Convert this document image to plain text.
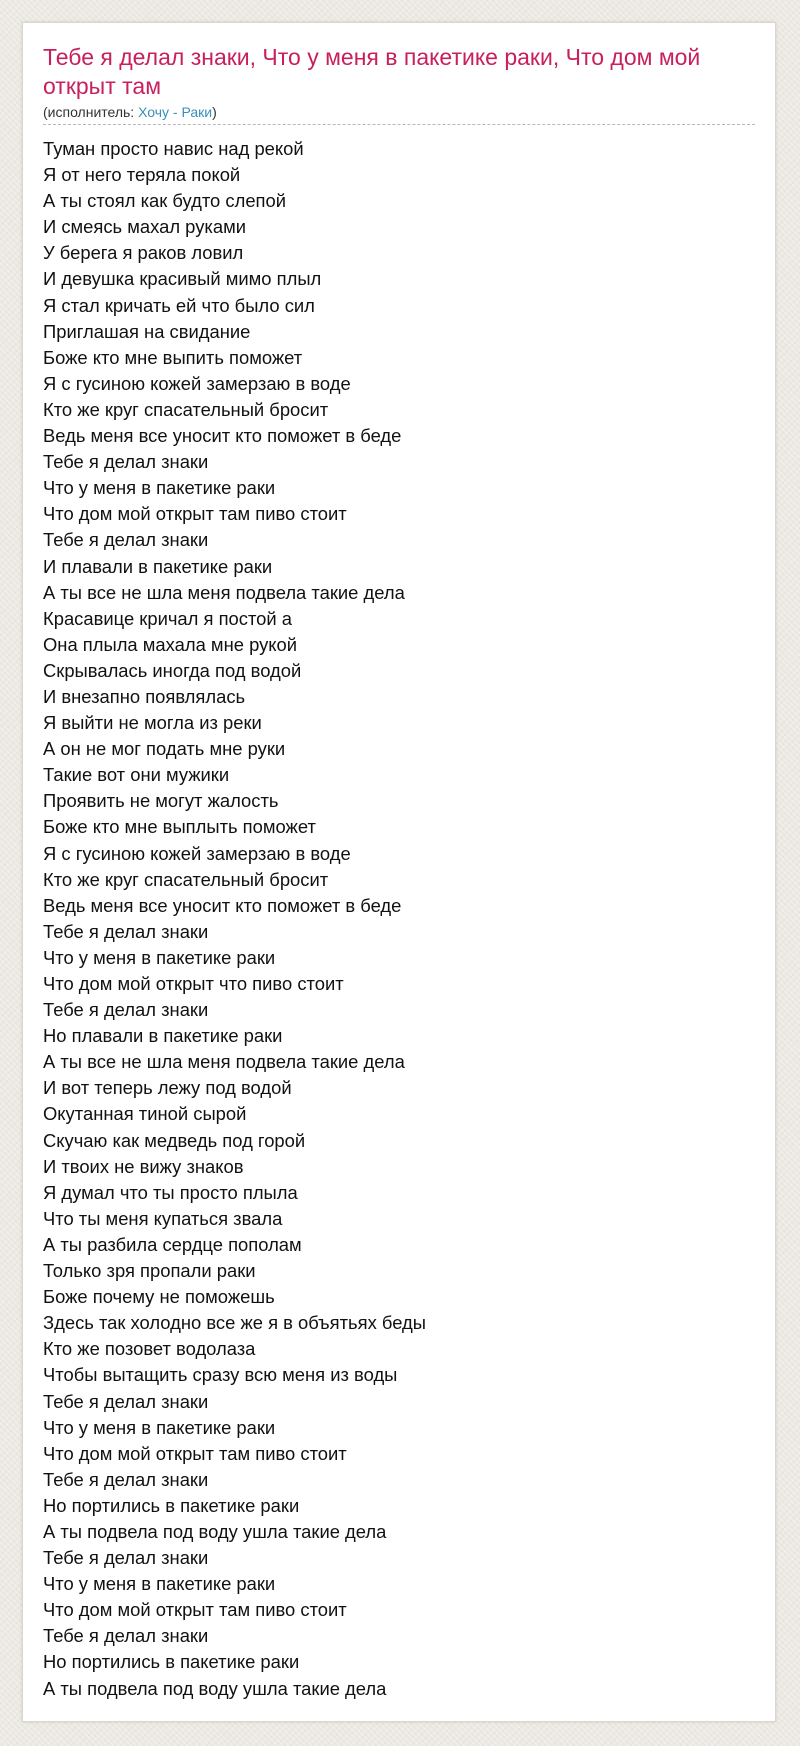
Тебе я делал знаки, Что у меня в пакетике раки, Что дом мой открыт там
(исполнитель: Хочу - Раки)
Туман просто навис над рекой
Я от него теряла покой
А ты стоял как будто слепой
И смеясь махал руками
У берега я раков ловил
И девушка красивый мимо плыл
Я стал кричать ей что было сил
Приглашая на свидание
Боже кто мне выпить поможет
Я с гусиною кожей замерзаю в воде
Кто же круг спасательный бросит
Ведь меня все уносит кто поможет в беде
Тебе я делал знаки
Что у меня в пакетике раки
Что дом мой открыт там пиво стоит
Тебе я делал знаки
И плавали в пакетике раки
А ты все не шла меня подвела такие дела
Красавице кричал я постой а
Она плыла махала мне рукой
Скрывалась иногда под водой
И внезапно появлялась
Я выйти не могла из реки
А он не мог подать мне руки
Такие вот они мужики
Проявить не могут жалость
Боже кто мне выплыть поможет
Я с гусиною кожей замерзаю в воде
Кто же круг спасательный бросит
Ведь меня все уносит кто поможет в беде
Тебе я делал знаки
Что у меня в пакетике раки
Что дом мой открыт что пиво стоит
Тебе я делал знаки
Но плавали в пакетике раки
А ты все не шла меня подвела такие дела
И вот теперь лежу под водой
Окутанная тиной сырой
Скучаю как медведь под горой
И твоих не вижу знаков
Я думал что ты просто плыла
Что ты меня купаться звала
А ты разбила сердце пополам
Только зря пропали раки
Боже почему не поможешь
Здесь так холодно все же я в объятьях беды
Кто же позовет водолаза
Чтобы вытащить сразу всю меня из воды
Тебе я делал знаки
Что у меня в пакетике раки
Что дом мой открыт там пиво стоит
Тебе я делал знаки
Но портились в пакетике раки
А ты подвела под воду ушла такие дела
Тебе я делал знаки
Что у меня в пакетике раки
Что дом мой открыт там пиво стоит
Тебе я делал знаки
Но портились в пакетике раки
А ты подвела под воду ушла такие дела
